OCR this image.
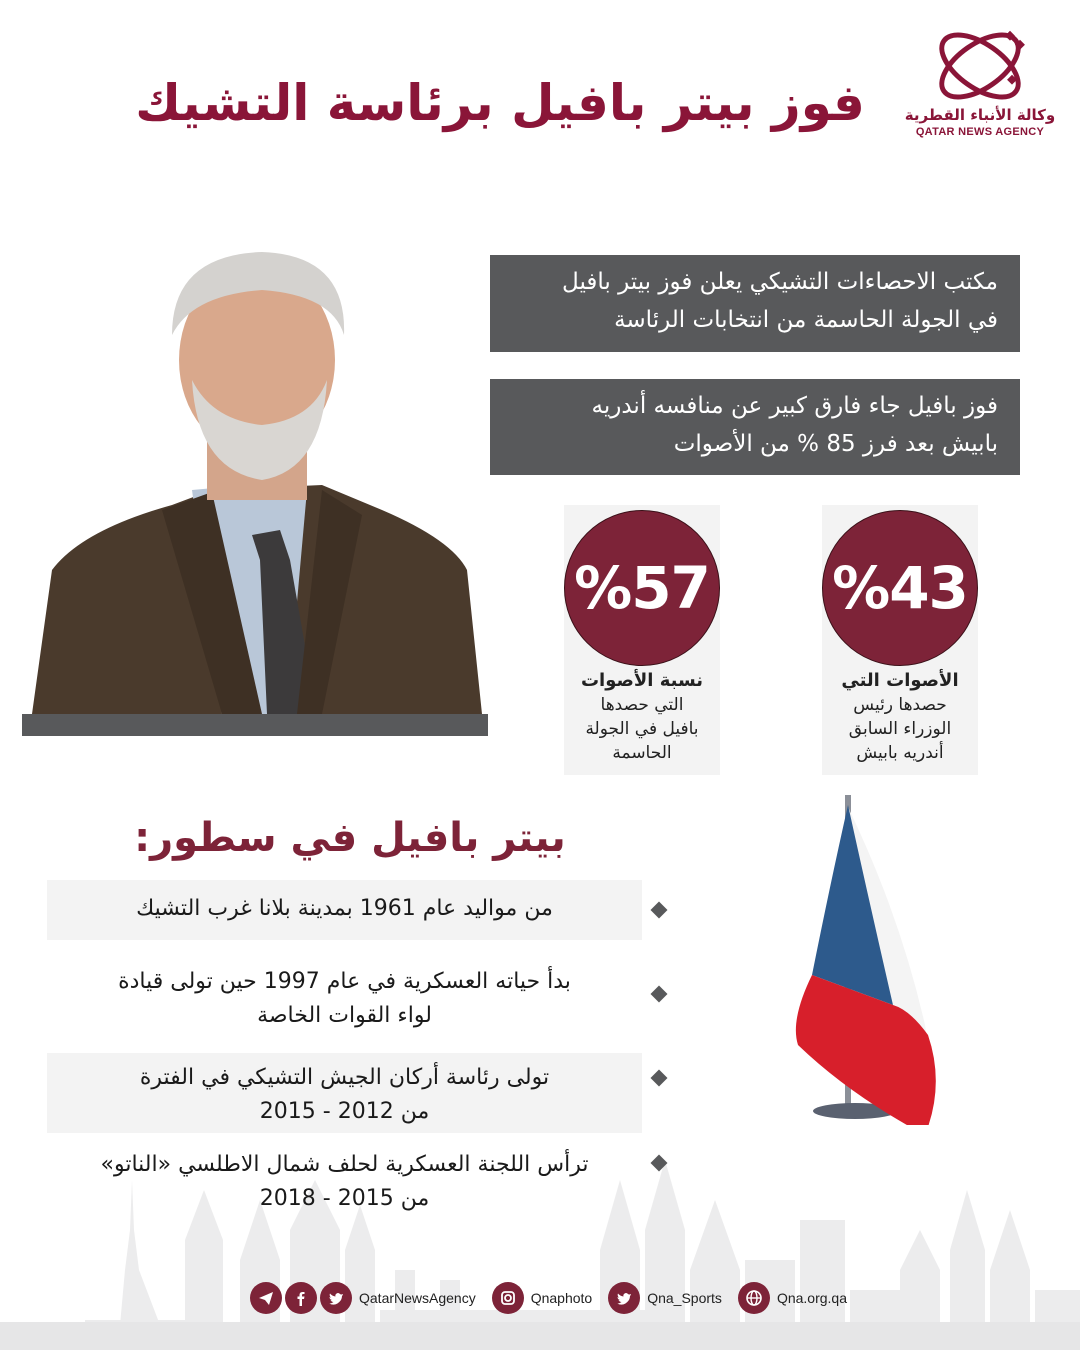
فوز بيتر بافيل برئاسة التشيك	وكالة الأنباء القطرية
QATAR NEWS AGENCY
مكتب الاحصاءات التشيكي يعلن فوز بيتر بافيل
في الجولة الحاسمة من انتخابات الرئاسة
فوز بافيل جاء فارق كبير عن منافسه أندريه
بابيش بعد فرز 85 % من الأصوات
%57
نسبة الأصوات
التي حصدها
بافيل في الجولة
الحاسمة
%43
الأصوات التي
حصدها رئيس
الوزراء السابق
أندريه بابيش
بيتر بافيل في سطور:
من مواليد عام 1961 بمدينة بلانا غرب التشيك
بدأ حياته العسكرية في عام 1997 حين تولى قيادة
لواء القوات الخاصة
تولى رئاسة أركان الجيش التشيكي في الفترة
من 2012 - 2015
ترأس اللجنة العسكرية لحلف شمال الاطلسي «الناتو»
من 2015 - 2018
QatarNewsAgency	Qnaphoto	Qna_Sports	Qna.org.qa
